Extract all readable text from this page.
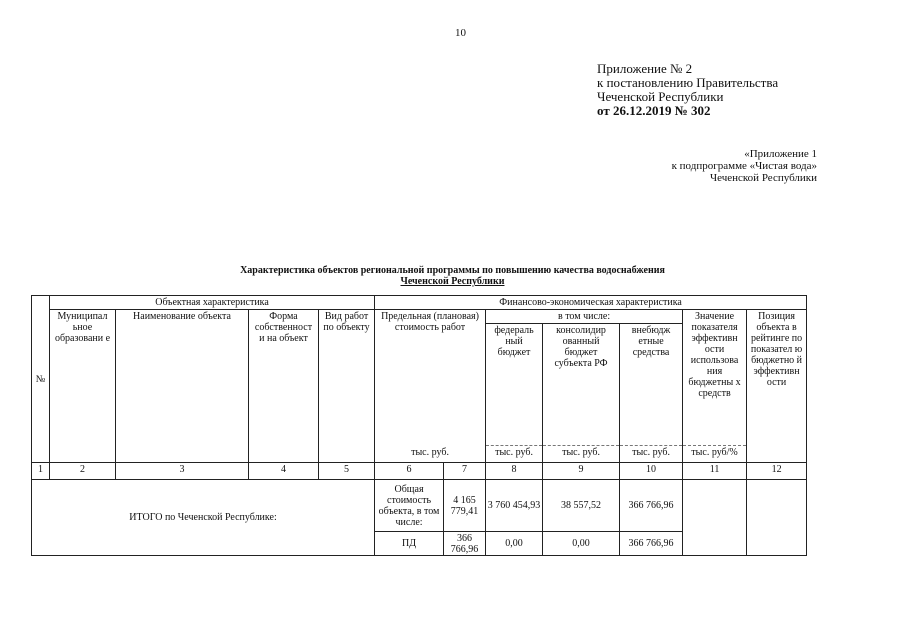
10
Приложение № 2
к постановлению Правительства
Чеченской Республики
от 26.12.2019 № 302
«Приложение 1
к подпрограмме «Чистая вода»
Чеченской Республики
Характеристика объектов региональной программы по повышению качества водоснабжения
Чеченской Республики
№	Объектная характеристика				Финансово-экономическая характеристика						
	Муниципал ьное образовани е	Наименование объекта	Форма собственност и на объект	Вид работ по объекту	Предельная (плановая) стоимость работ		в том числе:			Значение показателя эффективн ости использова ния бюджетны х средств	Позиция объекта в рейтинге по показател ю бюджетно й эффективн ости
							федераль ный бюджет	консолидир ованный бюджет субъекта РФ	внебюдж етные средства		

					тыс. руб.		тыс. руб.	тыс. руб.	тыс. руб.	тыс. руб/%	
1	2	3	4	5	6	7	8	9	10	11	12
ИТОГО по Чеченской Республике:					Общая стоимость объекта, в том числе:	4 165 779,41	3 760 454,93	38 557,52	366 766,96		
					ПД	366 766,96	0,00	0,00	366 766,96		
